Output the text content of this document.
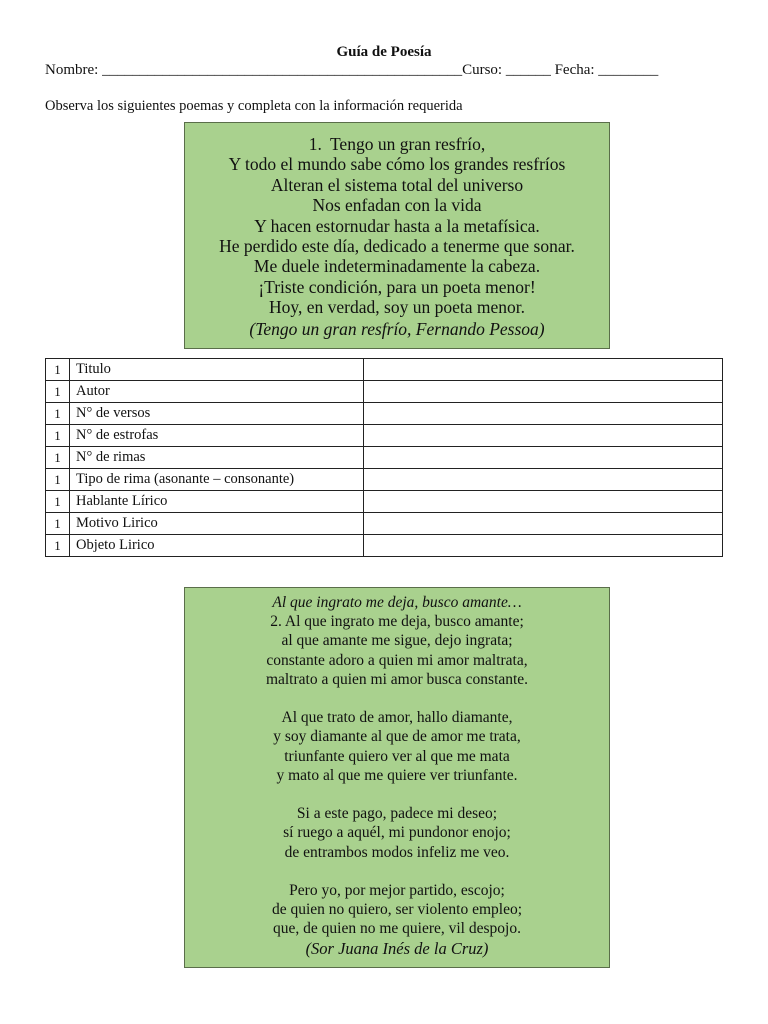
Guía de Poesía
Nombre: ________________________________________________Curso: ______ Fecha: ________
Observa los siguientes poemas y completa con la información requerida
1. Tengo un gran resfrío,
Y todo el mundo sabe cómo los grandes resfríos
Alteran el sistema total del universo
Nos enfadan con la vida
Y hacen estornudar hasta a la metafísica.
He perdido este día, dedicado a tenerme que sonar.
Me duele indeterminadamente la cabeza.
¡Triste condición, para un poeta menor!
Hoy, en verdad, soy un poeta menor.
(Tengo un gran resfrío, Fernando Pessoa)
1	Titulo	
1	Autor	
1	N° de versos	
1	N° de estrofas	
1	N° de rimas	
1	Tipo de rima (asonante – consonante)	
1	Hablante Lírico	
1	Motivo Lirico	
1	Objeto Lirico	
Al que ingrato me deja, busco amante…
2. Al que ingrato me deja, busco amante;
al que amante me sigue, dejo ingrata;
constante adoro a quien mi amor maltrata,
maltrato a quien mi amor busca constante.
Al que trato de amor, hallo diamante,
y soy diamante al que de amor me trata,
triunfante quiero ver al que me mata
y mato al que me quiere ver triunfante.
Si a este pago, padece mi deseo;
sí ruego a aquél, mi pundonor enojo;
de entrambos modos infeliz me veo.
Pero yo, por mejor partido, escojo;
de quien no quiero, ser violento empleo;
que, de quien no me quiere, vil despojo.
(Sor Juana Inés de la Cruz)
